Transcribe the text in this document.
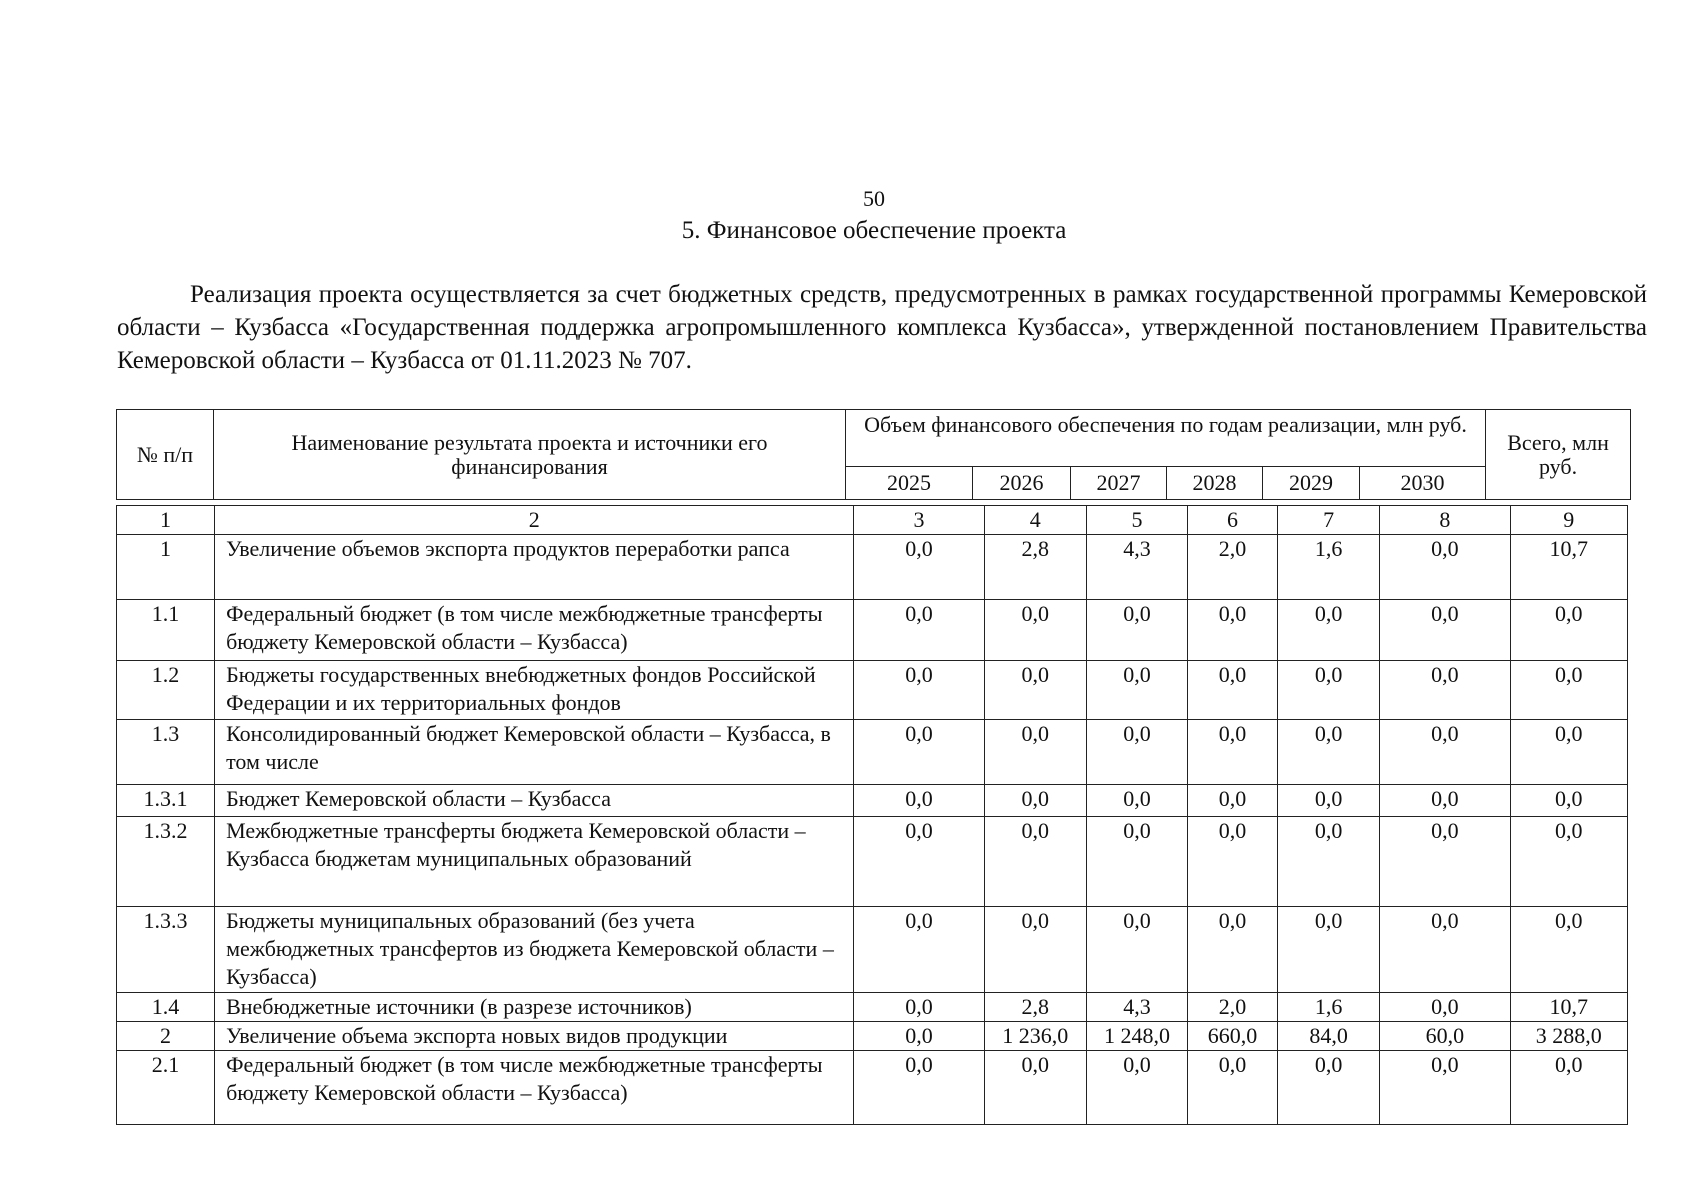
50
5. Финансовое обеспечение проекта

Реализация проекта осуществляется за счет бюджетных средств, предусмотренных в рамках государственной программы Кемеровской области – Кузбасса «Государственная поддержка агропромышленного комплекса Кузбасса», утвержденной постановлением Правительства Кемеровской области – Кузбасса от 01.11.2023 № 707.

№ п/п	Наименование результата проекта и источники его финансирования	Объем финансового обеспечения по годам реализации, млн руб.						Всего, млн руб.
		2025	2026	2027	2028	2029	2030	
1	2	3	4	5	6	7	8	9
1	Увеличение объемов экспорта продуктов переработки рапса	0,0	2,8	4,3	2,0	1,6	0,0	10,7
1.1	Федеральный бюджет (в том числе межбюджетные трансферты бюджету Кемеровской области – Кузбасса)	0,0	0,0	0,0	0,0	0,0	0,0	0,0
1.2	Бюджеты государственных внебюджетных фондов Российской Федерации и их территориальных фондов	0,0	0,0	0,0	0,0	0,0	0,0	0,0
1.3	Консолидированный бюджет Кемеровской области – Кузбасса, в том числе	0,0	0,0	0,0	0,0	0,0	0,0	0,0
1.3.1	Бюджет Кемеровской области – Кузбасса	0,0	0,0	0,0	0,0	0,0	0,0	0,0
1.3.2	Межбюджетные трансферты бюджета Кемеровской области – Кузбасса бюджетам муниципальных образований	0,0	0,0	0,0	0,0	0,0	0,0	0,0
1.3.3	Бюджеты муниципальных образований (без учета межбюджетных трансфертов из бюджета Кемеровской области – Кузбасса)	0,0	0,0	0,0	0,0	0,0	0,0	0,0
1.4	Внебюджетные источники (в разрезе источников)	0,0	2,8	4,3	2,0	1,6	0,0	10,7
2	Увеличение объема экспорта новых видов продукции	0,0	1 236,0	1 248,0	660,0	84,0	60,0	3 288,0
2.1	Федеральный бюджет (в том числе межбюджетные трансферты бюджету Кемеровской области – Кузбасса)	0,0	0,0	0,0	0,0	0,0	0,0	0,0
